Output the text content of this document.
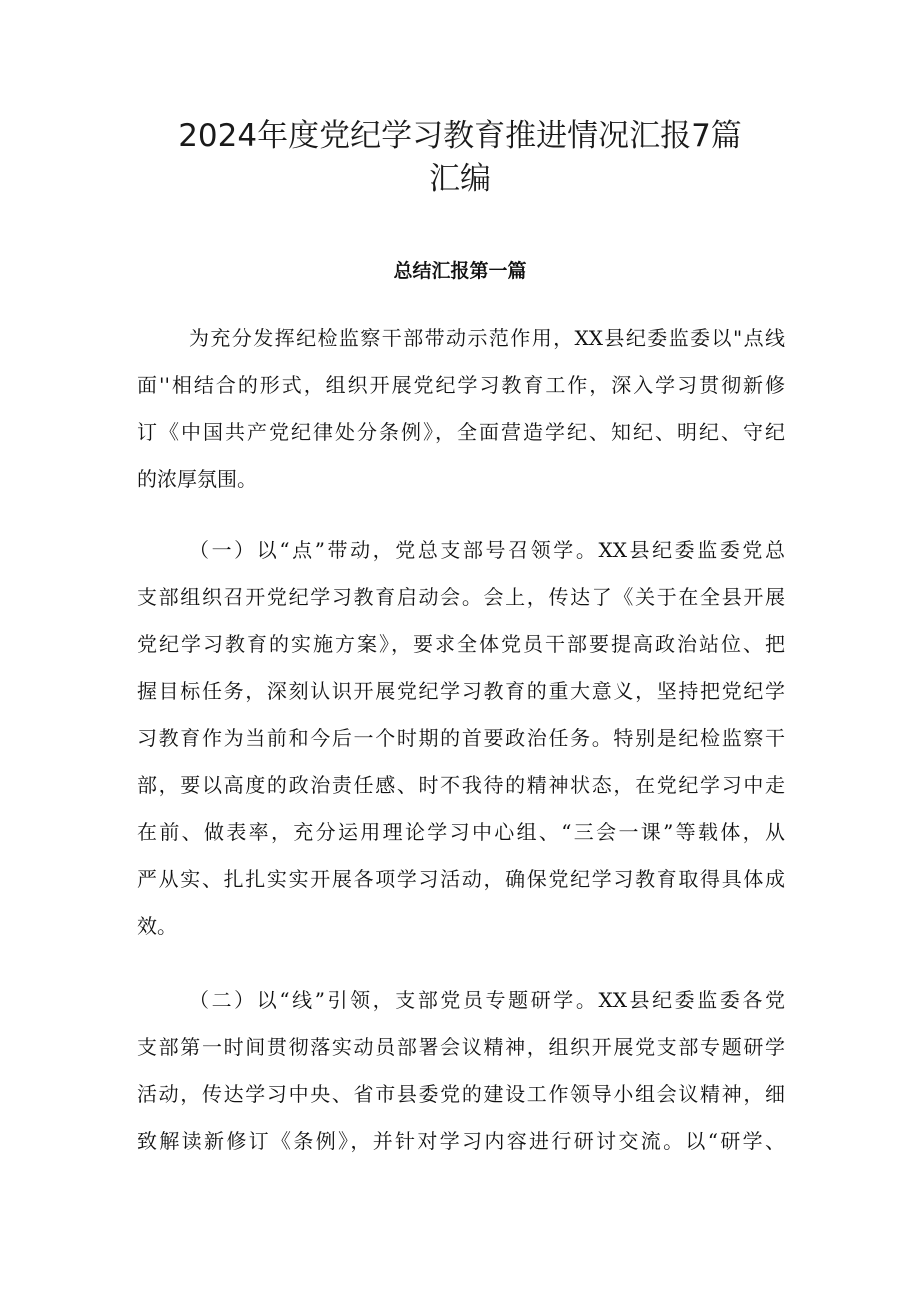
2024年度党纪学习教育推进情况汇报7篇
汇编
总结汇报第一篇
为充分发挥纪检监察干部带动示范作用，XX县纪委监委以"点线
面''相结合的形式，组织开展党纪学习教育工作，深入学习贯彻新修
订《中国共产党纪律处分条例》，全面营造学纪、知纪、明纪、守纪
的浓厚氛围。
（一）以“点”带动，党总支部号召领学。XX县纪委监委党总
支部组织召开党纪学习教育启动会。会上，传达了《关于在全县开展
党纪学习教育的实施方案》，要求全体党员干部要提高政治站位、把
握目标任务，深刻认识开展党纪学习教育的重大意义，坚持把党纪学
习教育作为当前和今后一个时期的首要政治任务。特别是纪检监察干
部，要以高度的政治责任感、时不我待的精神状态，在党纪学习中走
在前、做表率，充分运用理论学习中心组、“三会一课”等载体，从
严从实、扎扎实实开展各项学习活动，确保党纪学习教育取得具体成
效。
（二）以“线”引领，支部党员专题研学。XX县纪委监委各党
支部第一时间贯彻落实动员部署会议精神，组织开展党支部专题研学
活动，传达学习中央、省市县委党的建设工作领导小组会议精神，细
致解读新修订《条例》，并针对学习内容进行研讨交流。以“研学、
